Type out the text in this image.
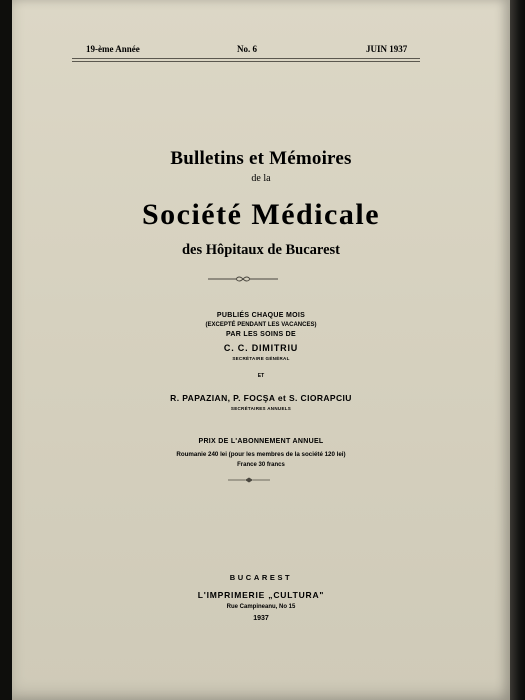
19-ème Année	No. 6	JUIN 1937
Bulletins et Mémoires
de la
Société Médicale
des Hôpitaux de Bucarest
PUBLIÉS CHAQUE MOIS
(EXCEPTÉ PENDANT LES VACANCES)
PAR LES SOINS DE
C. C. DIMITRIU
SECRÉTAIRE GÉNÉRAL
ET
R. PAPAZIAN, P. FOCŞA et S. CIORAPCIU
SECRÉTAIRES ANNUELS
PRIX DE L'ABONNEMENT ANNUEL
Roumanie 240 lei (pour les membres de la société 120 lei)
France 30 francs
BUCAREST
L'IMPRIMERIE „CULTURA"
Rue Campineanu, No 15
1937
